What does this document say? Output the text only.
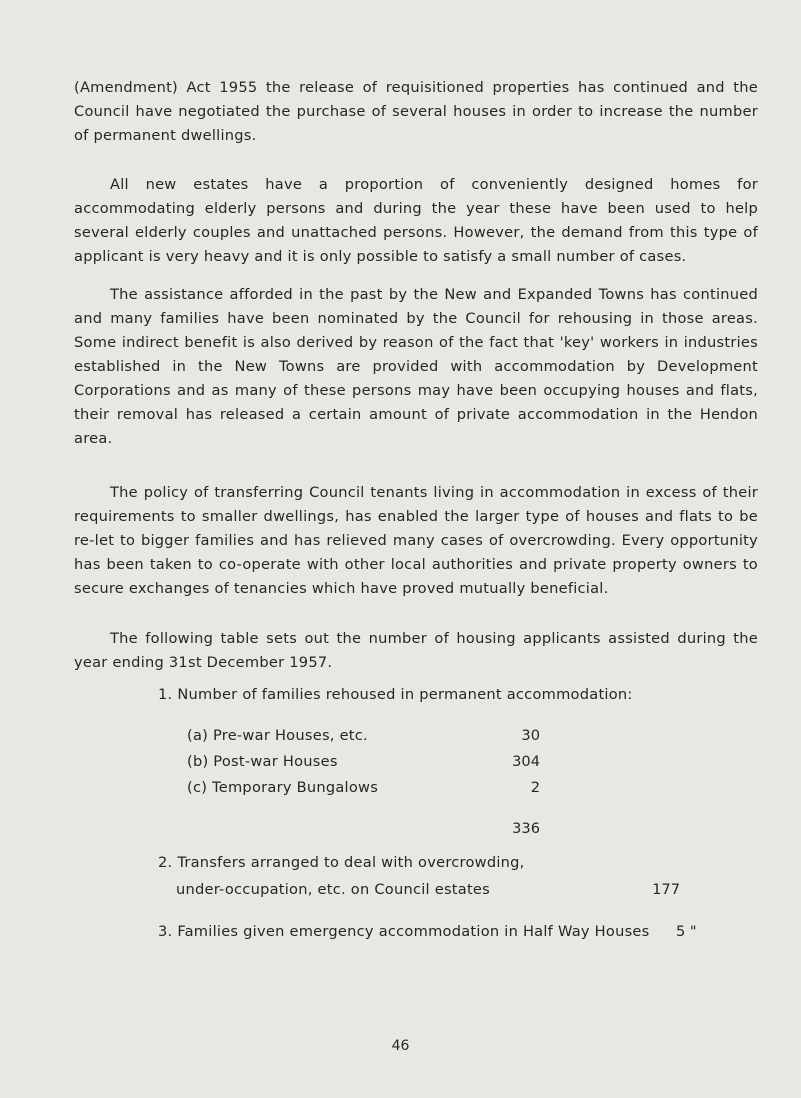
(Amendment) Act 1955 the release of requisitioned properties has continued and the Council have negotiated the purchase of several houses in order to increase the number of permanent dwellings.

All new estates have a proportion of conveniently designed homes for accommodating elderly persons and during the year these have been used to help several elderly couples and unattached persons. However, the demand from this type of applicant is very heavy and it is only possible to satisfy a small number of cases.

The assistance afforded in the past by the New and Expanded Towns has continued and many families have been nominated by the Council for rehousing in those areas. Some indirect benefit is also derived by reason of the fact that 'key' workers in industries established in the New Towns are provided with accommodation by Development Corporations and as many of these persons may have been occupying houses and flats, their removal has released a certain amount of private accommodation in the Hendon area.

The policy of transferring Council tenants living in accommodation in excess of their requirements to smaller dwellings, has enabled the larger type of houses and flats to be re-let to bigger families and has relieved many cases of overcrowding. Every opportunity has been taken to co-operate with other local authorities and private property owners to secure exchanges of tenancies which have proved mutually beneficial.

The following table sets out the number of housing applicants assisted during the year ending 31st December 1957.

1. Number of families rehoused in permanent accommodation:
(a) Pre-war Houses, etc.	30
(b) Post-war Houses	304
(c) Temporary Bungalows	2
336
2. Transfers arranged to deal with overcrowding,
under-occupation, etc. on Council estates	177
3. Families given emergency accommodation in Half Way Houses 5 "
46
